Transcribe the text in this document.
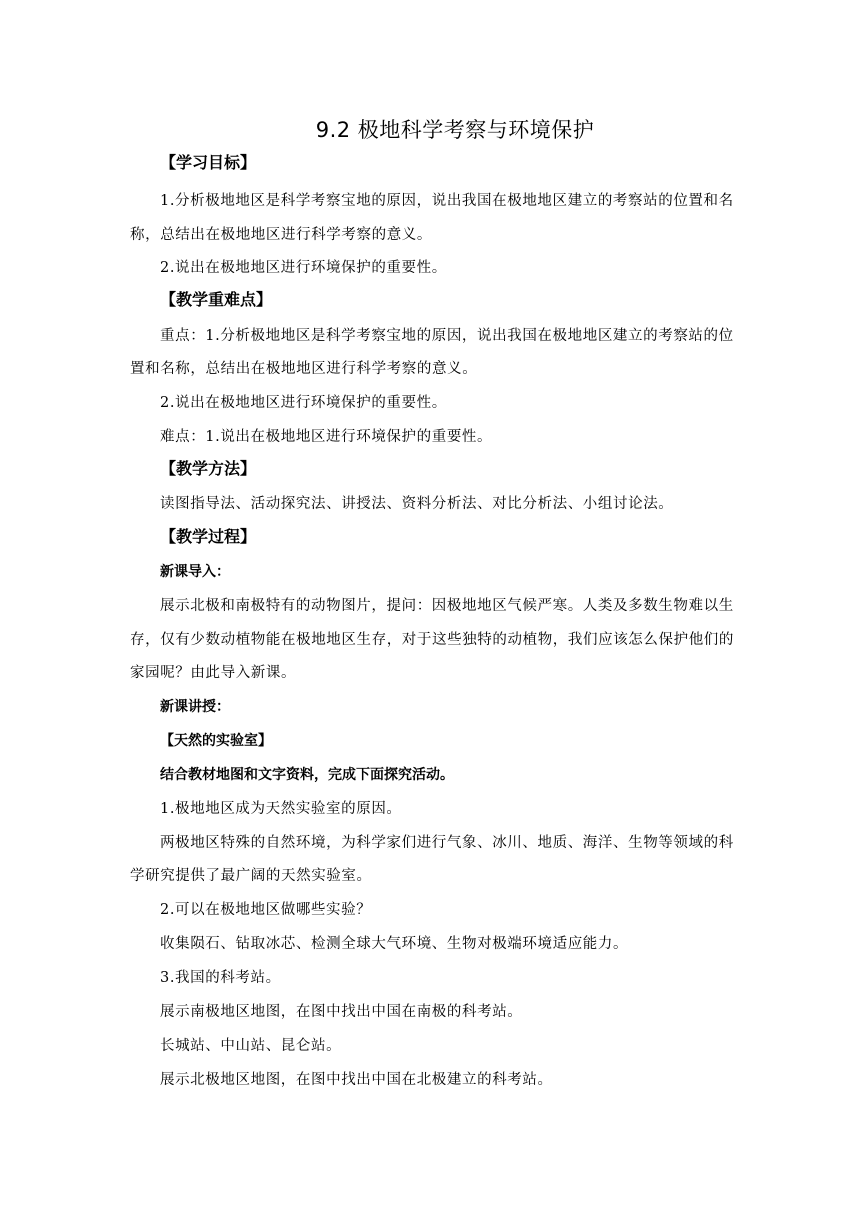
9.2 极地科学考察与环境保护
【学习目标】
1.分析极地地区是科学考察宝地的原因，说出我国在极地地区建立的考察站的位置和名
称，总结出在极地地区进行科学考察的意义。
2.说出在极地地区进行环境保护的重要性。
【教学重难点】
重点：1.分析极地地区是科学考察宝地的原因，说出我国在极地地区建立的考察站的位
置和名称，总结出在极地地区进行科学考察的意义。
2.说出在极地地区进行环境保护的重要性。
难点：1.说出在极地地区进行环境保护的重要性。
【教学方法】
读图指导法、活动探究法、讲授法、资料分析法、对比分析法、小组讨论法。
【教学过程】
新课导入：
展示北极和南极特有的动物图片，提问：因极地地区气候严寒。人类及多数生物难以生
存，仅有少数动植物能在极地地区生存，对于这些独特的动植物，我们应该怎么保护他们的
家园呢？由此导入新课。
新课讲授：
【天然的实验室】
结合教材地图和文字资料，完成下面探究活动。
1.极地地区成为天然实验室的原因。
两极地区特殊的自然环境，为科学家们进行气象、冰川、地质、海洋、生物等领域的科
学研究提供了最广阔的天然实验室。
2.可以在极地地区做哪些实验？
收集陨石、钻取冰芯、检测全球大气环境、生物对极端环境适应能力。
3.我国的科考站。
展示南极地区地图，在图中找出中国在南极的科考站。
长城站、中山站、昆仑站。
展示北极地区地图，在图中找出中国在北极建立的科考站。
